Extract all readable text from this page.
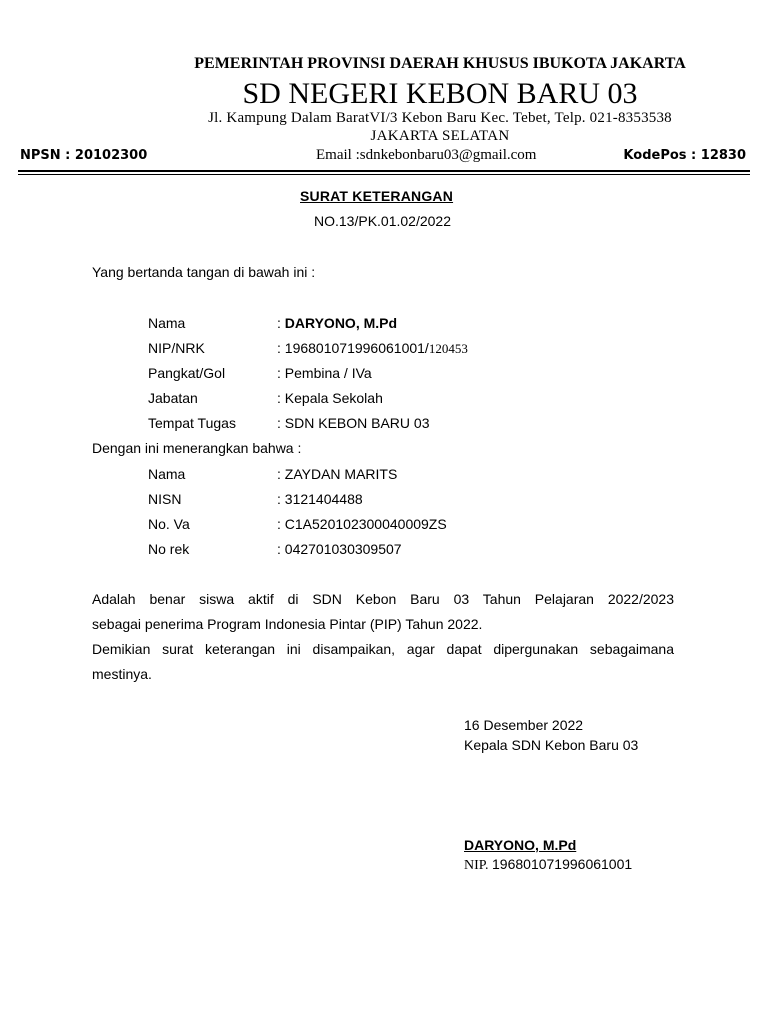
PEMERINTAH PROVINSI DAERAH KHUSUS IBUKOTA JAKARTA
SD NEGERI KEBON BARU 03
Jl. Kampung Dalam BaratVI/3 Kebon Baru Kec. Tebet, Telp. 021-8353538
JAKARTA SELATAN
NPSN : 20102300	Email :sdnkebonbaru03@gmail.com	KodePos : 12830
SURAT KETERANGAN
NO.13/PK.01.02/2022
Yang bertanda tangan di bawah ini :
Nama	: DARYONO, M.Pd
NIP/NRK	: 196801071996061001/120453
Pangkat/Gol	: Pembina / IVa
Jabatan	: Kepala Sekolah
Tempat Tugas	: SDN KEBON BARU 03
Dengan ini menerangkan bahwa :
Nama	: ZAYDAN MARITS
NISN	: 3121404488
No. Va	: C1A520102300040009ZS
No rek	: 042701030309507
Adalah benar siswa aktif di SDN Kebon Baru 03 Tahun Pelajaran 2022/2023
sebagai penerima Program Indonesia Pintar (PIP) Tahun 2022.
Demikian surat keterangan ini disampaikan, agar dapat dipergunakan sebagaimana
mestinya.
16 Desember 2022
Kepala SDN Kebon Baru 03
DARYONO, M.Pd
NIP. 196801071996061001
